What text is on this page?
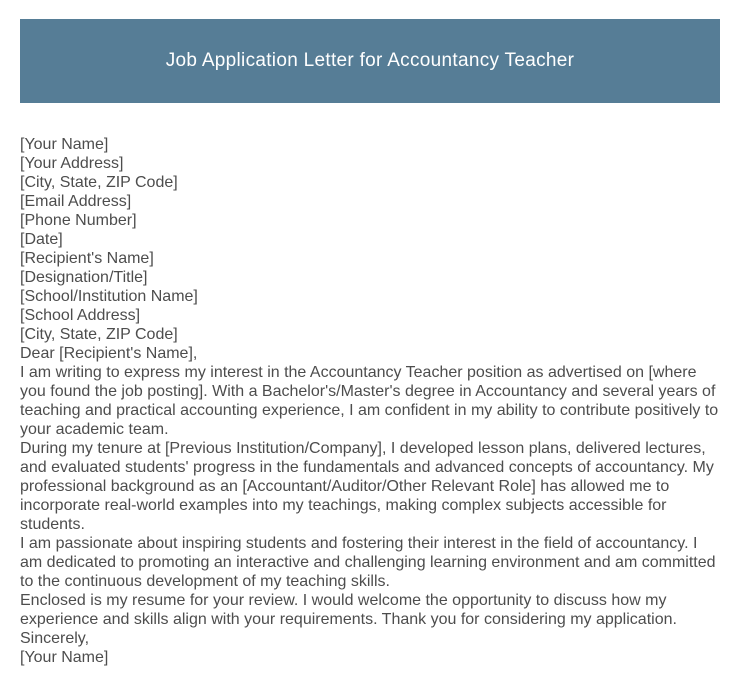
Job Application Letter for Accountancy Teacher
[Your Name]
[Your Address]
[City, State, ZIP Code]
[Email Address]
[Phone Number]
[Date]
[Recipient's Name]
[Designation/Title]
[School/Institution Name]
[School Address]
[City, State, ZIP Code]
Dear [Recipient's Name],

I am writing to express my interest in the Accountancy Teacher position as advertised on [where you found the job posting]. With a Bachelor's/Master's degree in Accountancy and several years of teaching and practical accounting experience, I am confident in my ability to contribute positively to your academic team.

During my tenure at [Previous Institution/Company], I developed lesson plans, delivered lectures, and evaluated students' progress in the fundamentals and advanced concepts of accountancy. My professional background as an [Accountant/Auditor/Other Relevant Role] has allowed me to incorporate real-world examples into my teachings, making complex subjects accessible for students.

I am passionate about inspiring students and fostering their interest in the field of accountancy. I am dedicated to promoting an interactive and challenging learning environment and am committed to the continuous development of my teaching skills.

Enclosed is my resume for your review. I would welcome the opportunity to discuss how my experience and skills align with your requirements. Thank you for considering my application.

Sincerely,
[Your Name]
